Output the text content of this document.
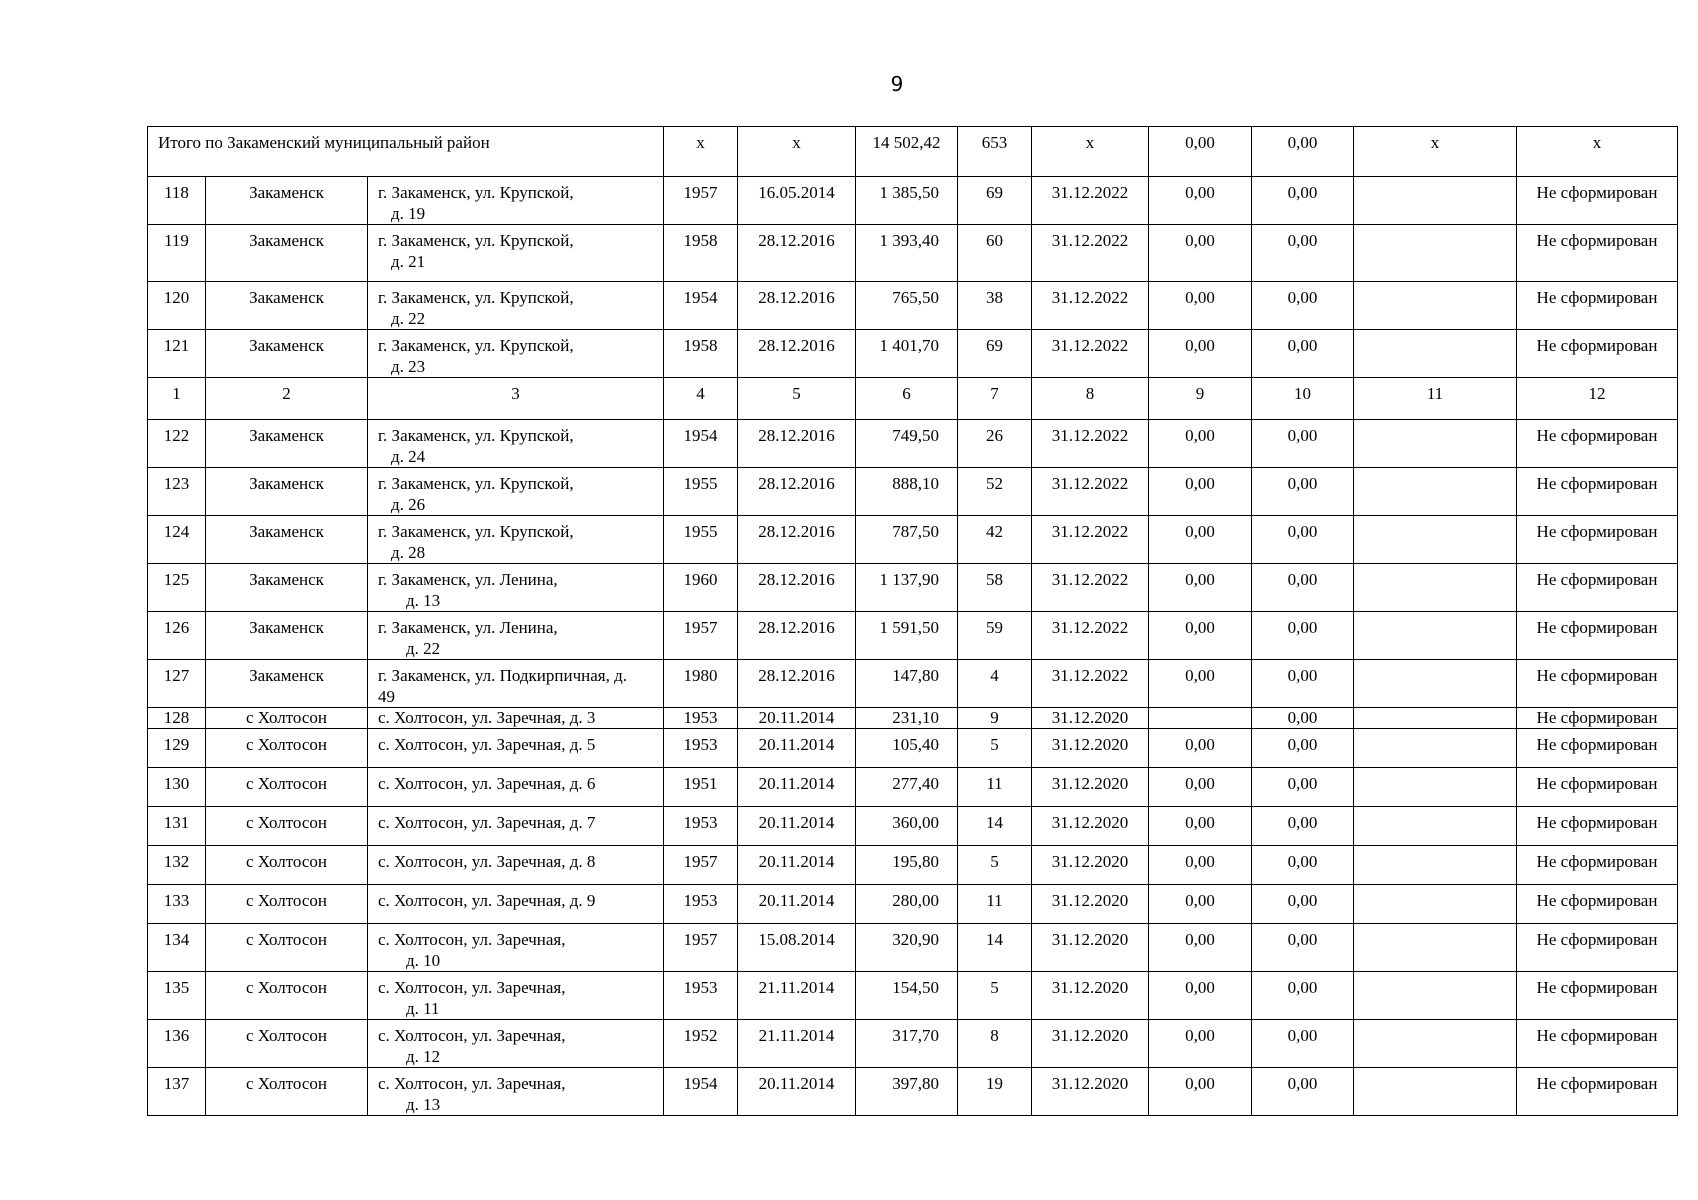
9
Итого по Закаменский муниципальный район			х	х	14 502,42	653	х	0,00	0,00	х	х
118	Закаменск	г. Закаменск, ул. Крупской,
д. 19	1957	16.05.2014	1 385,50	69	31.12.2022	0,00	0,00		Не сформирован
119	Закаменск	г. Закаменск, ул. Крупской,
д. 21	1958	28.12.2016	1 393,40	60	31.12.2022	0,00	0,00		Не сформирован
120	Закаменск	г. Закаменск, ул. Крупской,
д. 22	1954	28.12.2016	765,50	38	31.12.2022	0,00	0,00		Не сформирован
121	Закаменск	г. Закаменск, ул. Крупской,
д. 23	1958	28.12.2016	1 401,70	69	31.12.2022	0,00	0,00		Не сформирован
1	2	3	4	5	6	7	8	9	10	11	12
122	Закаменск	г. Закаменск, ул. Крупской,
д. 24	1954	28.12.2016	749,50	26	31.12.2022	0,00	0,00		Не сформирован
123	Закаменск	г. Закаменск, ул. Крупской,
д. 26	1955	28.12.2016	888,10	52	31.12.2022	0,00	0,00		Не сформирован
124	Закаменск	г. Закаменск, ул. Крупской,
д. 28	1955	28.12.2016	787,50	42	31.12.2022	0,00	0,00		Не сформирован
125	Закаменск	г. Закаменск, ул. Ленина,
д. 13	1960	28.12.2016	1 137,90	58	31.12.2022	0,00	0,00		Не сформирован
126	Закаменск	г. Закаменск, ул. Ленина,
д. 22	1957	28.12.2016	1 591,50	59	31.12.2022	0,00	0,00		Не сформирован
127	Закаменск	г. Закаменск, ул. Подкирпичная, д.
49	1980	28.12.2016	147,80	4	31.12.2022	0,00	0,00		Не сформирован
128	с Холтосон	с. Холтосон, ул. Заречная, д. 3	1953	20.11.2014	231,10	9	31.12.2020		0,00		Не сформирован
129	с Холтосон	с. Холтосон, ул. Заречная, д. 5	1953	20.11.2014	105,40	5	31.12.2020	0,00	0,00		Не сформирован
130	с Холтосон	с. Холтосон, ул. Заречная, д. 6	1951	20.11.2014	277,40	11	31.12.2020	0,00	0,00		Не сформирован
131	с Холтосон	с. Холтосон, ул. Заречная, д. 7	1953	20.11.2014	360,00	14	31.12.2020	0,00	0,00		Не сформирован
132	с Холтосон	с. Холтосон, ул. Заречная, д. 8	1957	20.11.2014	195,80	5	31.12.2020	0,00	0,00		Не сформирован
133	с Холтосон	с. Холтосон, ул. Заречная, д. 9	1953	20.11.2014	280,00	11	31.12.2020	0,00	0,00		Не сформирован
134	с Холтосон	с. Холтосон, ул. Заречная,
д. 10	1957	15.08.2014	320,90	14	31.12.2020	0,00	0,00		Не сформирован
135	с Холтосон	с. Холтосон, ул. Заречная,
д. 11	1953	21.11.2014	154,50	5	31.12.2020	0,00	0,00		Не сформирован
136	с Холтосон	с. Холтосон, ул. Заречная,
д. 12	1952	21.11.2014	317,70	8	31.12.2020	0,00	0,00		Не сформирован
137	с Холтосон	с. Холтосон, ул. Заречная,
д. 13	1954	20.11.2014	397,80	19	31.12.2020	0,00	0,00		Не сформирован
